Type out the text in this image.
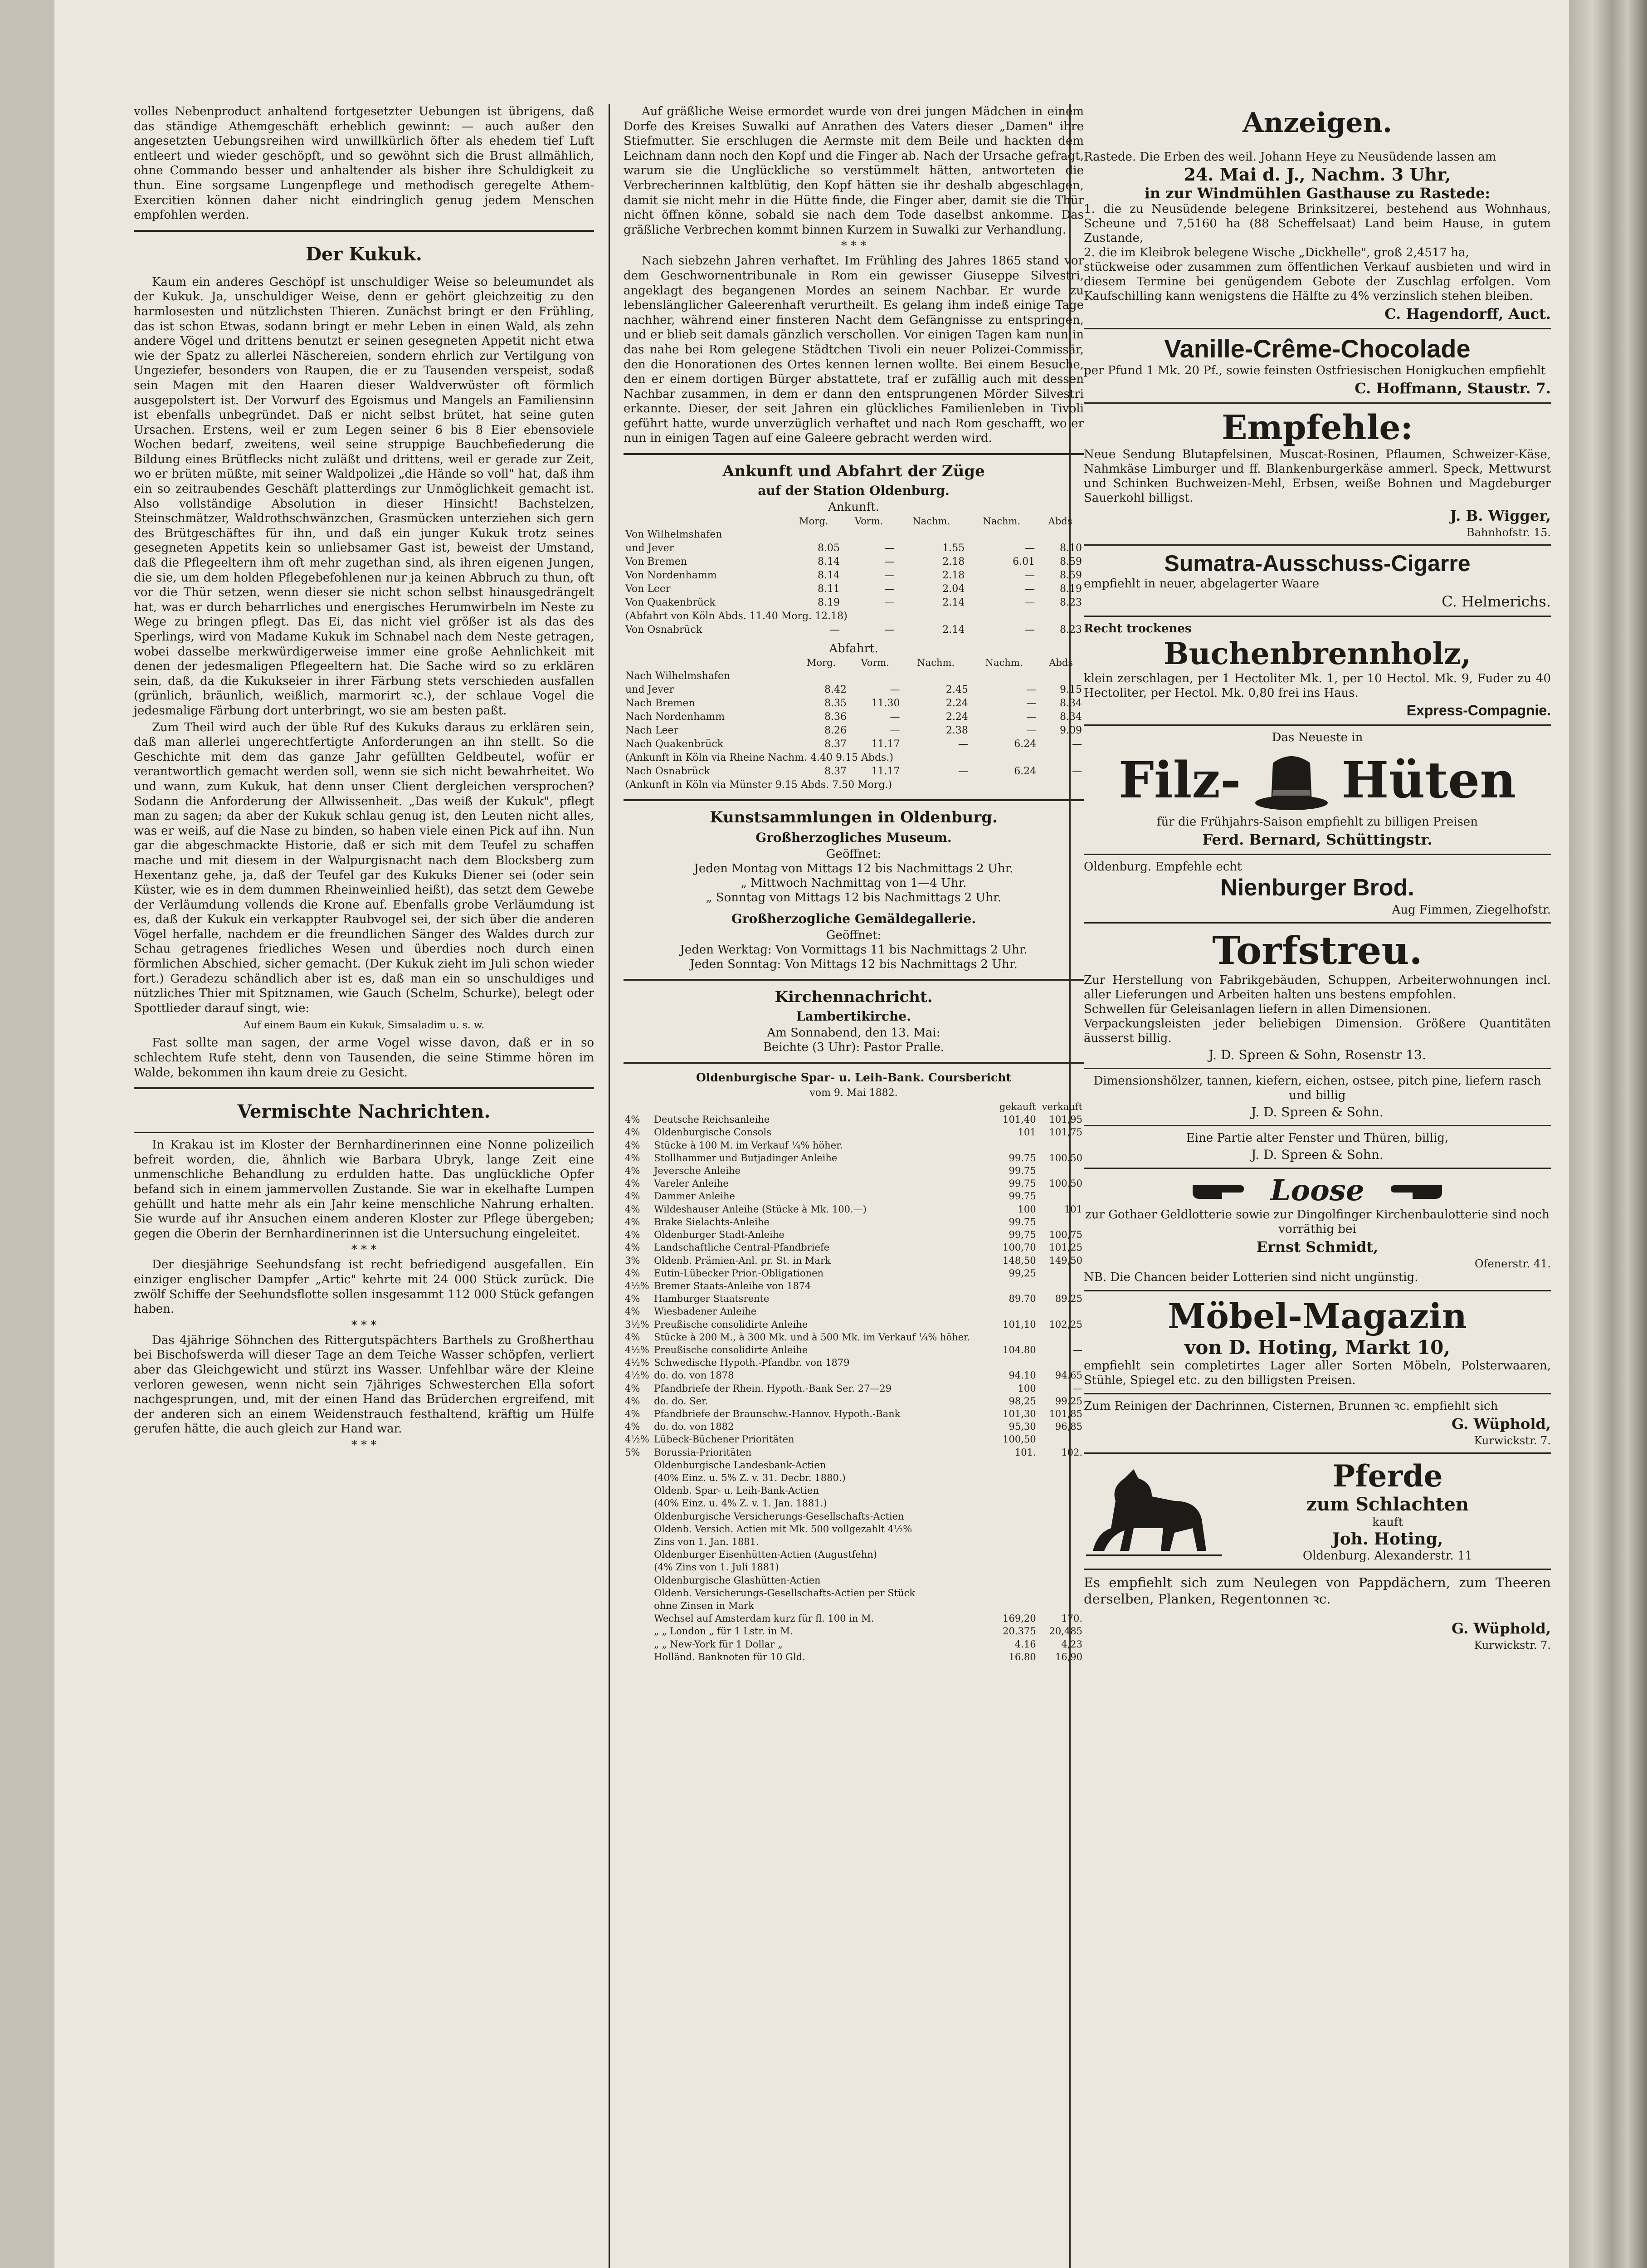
volles Nebenproduct anhaltend fortgesetzter Uebungen ist übrigens, daß das ständige Athemgeschäft erheblich gewinnt: — auch außer den angesetzten Uebungsreihen wird unwillkürlich öfter als ehedem tief Luft entleert und wieder geschöpft, und so gewöhnt sich die Brust allmählich, ohne Commando besser und anhaltender als bisher ihre Schuldigkeit zu thun. Eine sorgsame Lungenpflege und methodisch geregelte Athem-Exercitien können daher nicht eindringlich genug jedem Menschen empfohlen werden.

Der Kukuk.

Kaum ein anderes Geschöpf ist unschuldiger Weise so beleumundet als der Kukuk. Ja, unschuldiger Weise, denn er gehört gleichzeitig zu den harmlosesten und nützlichsten Thieren. Zunächst bringt er den Frühling, das ist schon Etwas, sodann bringt er mehr Leben in einen Wald, als zehn andere Vögel und drittens benutzt er seinen gesegneten Appetit nicht etwa wie der Spatz zu allerlei Näschereien, sondern ehrlich zur Vertilgung von Ungeziefer, besonders von Raupen, die er zu Tausenden verspeist, sodaß sein Magen mit den Haaren dieser Waldverwüster oft förmlich ausgepolstert ist. Der Vorwurf des Egoismus und Mangels an Familiensinn ist ebenfalls unbegründet. Daß er nicht selbst brütet, hat seine guten Ursachen. Erstens, weil er zum Legen seiner 6 bis 8 Eier ebensoviele Wochen bedarf, zweitens, weil seine struppige Bauchbefiederung die Bildung eines Brütflecks nicht zuläßt und drittens, weil er gerade zur Zeit, wo er brüten müßte, mit seiner Waldpolizei „die Hände so voll" hat, daß ihm ein so zeitraubendes Geschäft platterdings zur Unmöglichkeit gemacht ist. Also vollständige Absolution in dieser Hinsicht! Bachstelzen, Steinschmätzer, Waldrothschwänzchen, Grasmücken unterziehen sich gern des Brütgeschäftes für ihn, und daß ein junger Kukuk trotz seines gesegneten Appetits kein so unliebsamer Gast ist, beweist der Umstand, daß die Pflegeeltern ihm oft mehr zugethan sind, als ihren eigenen Jungen, die sie, um dem holden Pflegebefohlenen nur ja keinen Abbruch zu thun, oft vor die Thür setzen, wenn dieser sie nicht schon selbst hinausgedrängelt hat, was er durch beharrliches und energisches Herumwirbeln im Neste zu Wege zu bringen pflegt. Das Ei, das nicht viel größer ist als das des Sperlings, wird von Madame Kukuk im Schnabel nach dem Neste getragen, wobei dasselbe merkwürdigerweise immer eine große Aehnlichkeit mit denen der jedesmaligen Pflegeeltern hat. Die Sache wird so zu erklären sein, daß, da die Kukukseier in ihrer Färbung stets verschieden ausfallen (grünlich, bräunlich, weißlich, marmorirt ꝛc.), der schlaue Vogel die jedesmalige Färbung dort unterbringt, wo sie am besten paßt.

Zum Theil wird auch der üble Ruf des Kukuks daraus zu erklären sein, daß man allerlei ungerechtfertigte Anforderungen an ihn stellt. So die Geschichte mit dem das ganze Jahr gefüllten Geldbeutel, wofür er verantwortlich gemacht werden soll, wenn sie sich nicht bewahrheitet. Wo und wann, zum Kukuk, hat denn unser Client dergleichen versprochen? Sodann die Anforderung der Allwissenheit. „Das weiß der Kukuk", pflegt man zu sagen; da aber der Kukuk schlau genug ist, den Leuten nicht alles, was er weiß, auf die Nase zu binden, so haben viele einen Pick auf ihn. Nun gar die abgeschmackte Historie, daß er sich mit dem Teufel zu schaffen mache und mit diesem in der Walpurgisnacht nach dem Blocksberg zum Hexentanz gehe, ja, daß der Teufel gar des Kukuks Diener sei (oder sein Küster, wie es in dem dummen Rheinweinlied heißt), das setzt dem Gewebe der Verläumdung vollends die Krone auf. Ebenfalls grobe Verläumdung ist es, daß der Kukuk ein verkappter Raubvogel sei, der sich über die anderen Vögel herfalle, nachdem er die freundlichen Sänger des Waldes durch zur Schau getragenes friedliches Wesen und überdies noch durch einen förmlichen Abschied, sicher gemacht. (Der Kukuk zieht im Juli schon wieder fort.) Geradezu schändlich aber ist es, daß man ein so unschuldiges und nützliches Thier mit Spitznamen, wie Gauch (Schelm, Schurke), belegt oder Spottlieder darauf singt, wie:

Auf einem Baum ein Kukuk, Simsaladim u. s. w.

Fast sollte man sagen, der arme Vogel wisse davon, daß er in so schlechtem Rufe steht, denn von Tausenden, die seine Stimme hören im Walde, bekommen ihn kaum dreie zu Gesicht.

Vermischte Nachrichten.

In Krakau ist im Kloster der Bernhardinerinnen eine Nonne polizeilich befreit worden, die, ähnlich wie Barbara Ubryk, lange Zeit eine unmenschliche Behandlung zu erdulden hatte. Das unglückliche Opfer befand sich in einem jammervollen Zustande. Sie war in ekelhafte Lumpen gehüllt und hatte mehr als ein Jahr keine menschliche Nahrung erhalten. Sie wurde auf ihr Ansuchen einem anderen Kloster zur Pflege übergeben; gegen die Oberin der Bernhardinerinnen ist die Untersuchung eingeleitet.

* * *

Der diesjährige Seehundsfang ist recht befriedigend ausgefallen. Ein einziger englischer Dampfer „Artic" kehrte mit 24 000 Stück zurück. Die zwölf Schiffe der Seehundsflotte sollen insgesammt 112 000 Stück gefangen haben.

* * *

Das 4jährige Söhnchen des Rittergutspächters Barthels zu Großherthau bei Bischofswerda will dieser Tage an dem Teiche Wasser schöpfen, verliert aber das Gleichgewicht und stürzt ins Wasser. Unfehlbar wäre der Kleine verloren gewesen, wenn nicht sein 7jähriges Schwesterchen Ella sofort nachgesprungen, und, mit der einen Hand das Brüderchen ergreifend, mit der anderen sich an einem Weidenstrauch festhaltend, kräftig um Hülfe gerufen hätte, die auch gleich zur Hand war.

* * *

Auf gräßliche Weise ermordet wurde von drei jungen Mädchen in einem Dorfe des Kreises Suwalki auf Anrathen des Vaters dieser „Damen" ihre Stiefmutter. Sie erschlugen die Aermste mit dem Beile und hackten dem Leichnam dann noch den Kopf und die Finger ab. Nach der Ursache gefragt, warum sie die Unglückliche so verstümmelt hätten, antworteten die Verbrecherinnen kaltblütig, den Kopf hätten sie ihr deshalb abgeschlagen, damit sie nicht mehr in die Hütte finde, die Finger aber, damit sie die Thür nicht öffnen könne, sobald sie nach dem Tode daselbst ankomme. Das gräßliche Verbrechen kommt binnen Kurzem in Suwalki zur Verhandlung.

* * *

Nach siebzehn Jahren verhaftet. Im Frühling des Jahres 1865 stand vor dem Geschwornentribunale in Rom ein gewisser Giuseppe Silvestri, angeklagt des begangenen Mordes an seinem Nachbar. Er wurde zu lebenslänglicher Galeerenhaft verurtheilt. Es gelang ihm indeß einige Tage nachher, während einer finsteren Nacht dem Gefängnisse zu entspringen, und er blieb seit damals gänzlich verschollen. Vor einigen Tagen kam nun in das nahe bei Rom gelegene Städtchen Tivoli ein neuer Polizei-Commissär, den die Honorationen des Ortes kennen lernen wollte. Bei einem Besuche, den er einem dortigen Bürger abstattete, traf er zufällig auch mit dessen Nachbar zusammen, in dem er dann den entsprungenen Mörder Silvestri erkannte. Dieser, der seit Jahren ein glückliches Familienleben in Tivoli geführt hatte, wurde unverzüglich verhaftet und nach Rom geschafft, wo er nun in einigen Tagen auf eine Galeere gebracht werden wird.

Ankunft und Abfahrt der Züge
auf der Station Oldenburg.
Ankunft.
	Morg.	Vorm.	Nachm.	Nachm.	Abds
Von Wilhelmshafen					
und Jever	8.05	—	1.55	—	8.10
Von Bremen	8.14	—	2.18	6.01	8.59
Von Nordenhamm	8.14	—	2.18	—	8.59
Von Leer	8.11	—	2.04	—	8.19
Von Quakenbrück	8.19	—	2.14	—	8.23
(Abfahrt von Köln Abds. 11.40 Morg. 12.18)					
Von Osnabrück	—	—	2.14	—	8.23
Abfahrt.
	Morg.	Vorm.	Nachm.	Nachm.	Abds
Nach Wilhelmshafen					
und Jever	8.42	—	2.45	—	9.15
Nach Bremen	8.35	11.30	2.24	—	8.34
Nach Nordenhamm	8.36	—	2.24	—	8.34
Nach Leer	8.26	—	2.38	—	9.09
Nach Quakenbrück	8.37	11.17	—	6.24	—
(Ankunft in Köln via Rheine Nachm. 4.40 9.15 Abds.)					
Nach Osnabrück	8.37	11.17	—	6.24	—
(Ankunft in Köln via Münster 9.15 Abds. 7.50 Morg.)					
Kunstsammlungen in Oldenburg.
Großherzogliches Museum.
Geöffnet:
Jeden Montag von Mittags 12 bis Nachmittags 2 Uhr.
„ Mittwoch Nachmittag von 1—4 Uhr.
„ Sonntag von Mittags 12 bis Nachmittags 2 Uhr.
Großherzogliche Gemäldegallerie.
Geöffnet:
Jeden Werktag: Von Vormittags 11 bis Nachmittags 2 Uhr.
Jeden Sonntag: Von Mittags 12 bis Nachmittags 2 Uhr.
Kirchennachricht.
Lambertikirche.
Am Sonnabend, den 13. Mai:
Beichte (3 Uhr): Pastor Pralle.
Oldenburgische Spar- u. Leih-Bank. Coursbericht
vom 9. Mai 1882.
		gekauft	verkauft
4%	Deutsche Reichsanleihe	101,40	101,95
4%	Oldenburgische Consols	101	101,75
4%	Stücke à 100 M. im Verkauf ¼% höher.		
4%	Stollhammer und Butjadinger Anleihe	99.75	100.50
4%	Jeversche Anleihe	99.75	
4%	Vareler Anleihe	99.75	100.50
4%	Dammer Anleihe	99.75	
4%	Wildeshauser Anleihe (Stücke à Mk. 100.—)	100	101
4%	Brake Sielachts-Anleihe	99.75	
4%	Oldenburger Stadt-Anleihe	99,75	100,75
4%	Landschaftliche Central-Pfandbriefe	100,70	101,25
3%	Oldenb. Prämien-Anl. pr. St. in Mark	148,50	149,50
4%	Eutin-Lübecker Prior.-Obligationen	99,25	
4½%	Bremer Staats-Anleihe von 1874		
4%	Hamburger Staatsrente	89.70	89.25
4%	Wiesbadener Anleihe		
3½%	Preußische consolidirte Anleihe	101,10	102,25
4%	Stücke à 200 M., à 300 Mk. und à 500 Mk. im Verkauf ¼% höher.		
4½%	Preußische consolidirte Anleihe	104.80	—
4½%	Schwedische Hypoth.-Pfandbr. von 1879		
4½%	do. do. von 1878	94.10	94.65
4%	Pfandbriefe der Rhein. Hypoth.-Bank Ser. 27—29	100	—
4%	do. do. Ser.	98,25	99.25
4%	Pfandbriefe der Braunschw.-Hannov. Hypoth.-Bank	101,30	101,85
4%	do. do. von 1882	95,30	96,85
4½%	Lübeck-Büchener Prioritäten	100,50	
5%	Borussia-Prioritäten	101.	102.
	Oldenburgische Landesbank-Actien		
	(40% Einz. u. 5% Z. v. 31. Decbr. 1880.)		
	Oldenb. Spar- u. Leih-Bank-Actien		
	(40% Einz. u. 4% Z. v. 1. Jan. 1881.)		
	Oldenburgische Versicherungs-Gesellschafts-Actien		
	Oldenb. Versich. Actien mit Mk. 500 vollgezahlt 4½%		
	Zins von 1. Jan. 1881.		
	Oldenburger Eisenhütten-Actien (Augustfehn)		
	(4% Zins von 1. Juli 1881)		
	Oldenburgische Glashütten-Actien		
	Oldenb. Versicherungs-Gesellschafts-Actien per Stück		
	ohne Zinsen in Mark		
	Wechsel auf Amsterdam kurz für fl. 100 in M.	169,20	170.
	„ „ London „ für 1 Lstr. in M.	20.375	20,485
	„ „ New-York für 1 Dollar „	4.16	4,23
	Holländ. Banknoten für 10 Gld.	16.80	16,90
Anzeigen.
Rastede. Die Erben des weil. Johann Heye zu Neusüdende lassen am
24. Mai d. J., Nachm. 3 Uhr,
in zur Windmühlen Gasthause zu Rastede:
1. die zu Neusüdende belegene Brinksitzerei, bestehend aus Wohnhaus, Scheune und 7,5160 ha (88 Scheffelsaat) Land beim Hause, in gutem Zustande,
2. die im Kleibrok belegene Wische „Dickhelle", groß 2,4517 ha,
stückweise oder zusammen zum öffentlichen Verkauf ausbieten und wird in diesem Termine bei genügendem Gebote der Zuschlag erfolgen. Vom Kaufschilling kann wenigstens die Hälfte zu 4% verzinslich stehen bleiben.
C. Hagendorff, Auct.
Vanille-Crême-Chocolade
per Pfund 1 Mk. 20 Pf., sowie feinsten Ostfriesischen Honigkuchen empfiehlt
C. Hoffmann, Staustr. 7.
Empfehle:
Neue Sendung Blutapfelsinen, Muscat-Rosinen, Pflaumen, Schweizer-Käse, Nahmkäse Limburger und ff. Blankenburgerkäse ammerl. Speck, Mettwurst und Schinken Buchweizen-Mehl, Erbsen, weiße Bohnen und Magdeburger Sauerkohl billigst.
J. B. Wigger,
Bahnhofstr. 15.
Sumatra-Ausschuss-Cigarre
empfiehlt in neuer, abgelagerter Waare
C. Helmerichs.
Recht trockenes
Buchenbrennholz,
klein zerschlagen, per 1 Hectoliter Mk. 1, per 10 Hectol. Mk. 9, Fuder zu 40 Hectoliter, per Hectol. Mk. 0,80 frei ins Haus.
Express-Compagnie.
Das Neueste in
Filz- Hüten
für die Frühjahrs-Saison empfiehlt zu billigen Preisen
Ferd. Bernard, Schüttingstr.
Oldenburg. Empfehle echt
Nienburger Brod.
Aug Fimmen, Ziegelhofstr.
Torfstreu.
Zur Herstellung von Fabrikgebäuden, Schuppen, Arbeiterwohnungen incl. aller Lieferungen und Arbeiten halten uns bestens empfohlen.
Schwellen für Geleisanlagen liefern in allen Dimensionen.
Verpackungsleisten jeder beliebigen Dimension. Größere Quantitäten äusserst billig.
J. D. Spreen & Sohn, Rosenstr 13.
Dimensionshölzer, tannen, kiefern, eichen, ostsee, pitch pine, liefern rasch und billig
J. D. Spreen & Sohn.
Eine Partie alter Fenster und Thüren, billig,
J. D. Spreen & Sohn.
Loose
zur Gothaer Geldlotterie sowie zur Dingolfinger Kirchenbaulotterie sind noch vorräthig bei
Ernst Schmidt,
Ofenerstr. 41.
NB. Die Chancen beider Lotterien sind nicht ungünstig.
Möbel-Magazin
von D. Hoting, Markt 10,
empfiehlt sein completirtes Lager aller Sorten Möbeln, Polsterwaaren, Stühle, Spiegel etc. zu den billigsten Preisen.
Zum Reinigen der Dachrinnen, Cisternen, Brunnen ꝛc. empfiehlt sich
G. Wüphold,
Kurwickstr. 7.
Pferde
zum Schlachten
kauft
Joh. Hoting,
Oldenburg. Alexanderstr. 11
Es empfiehlt sich zum Neulegen von Pappdächern, zum Theeren derselben, Planken, Regentonnen ꝛc.
G. Wüphold,
Kurwickstr. 7.
